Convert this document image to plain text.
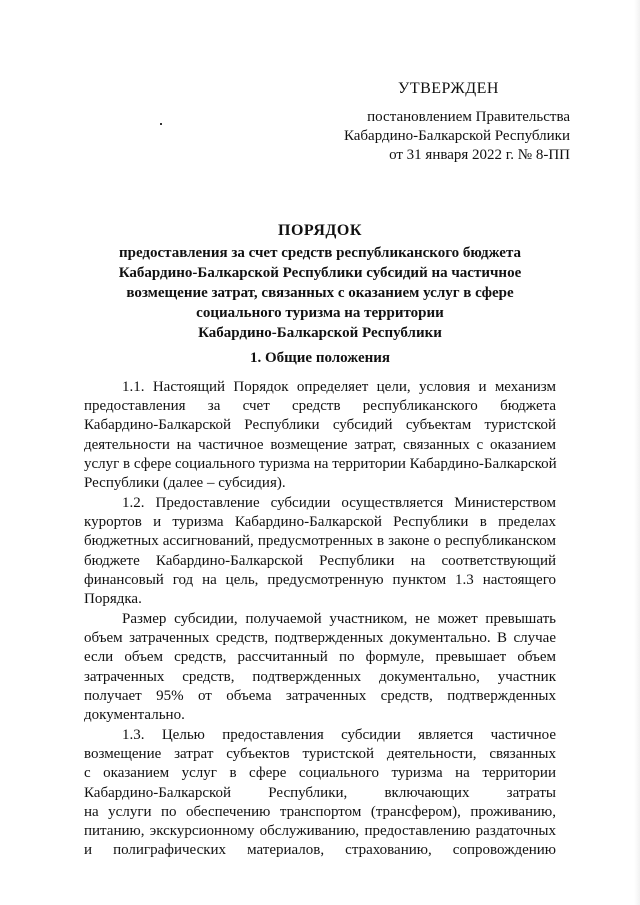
УТВЕРЖДЕН
постановлением Правительства
Кабардино-Балкарской Республики
от 31 января 2022 г. № 8-ПП
ПОРЯДОК
предоставления за счет средств республиканского бюджета
Кабардино-Балкарской Республики субсидий на частичное
возмещение затрат, связанных с оказанием услуг в сфере
социального туризма на территории
Кабардино-Балкарской Республики
1. Общие положения
1.1. Настоящий Порядок определяет цели, условия и механизм
предоставления за счет средств республиканского бюджета
Кабардино-Балкарской Республики субсидий субъектам туристской
деятельности на частичное возмещение затрат, связанных с оказанием
услуг в сфере социального туризма на территории Кабардино-Балкарской
Республики (далее – субсидия).
1.2. Предоставление субсидии осуществляется Министерством
курортов и туризма Кабардино-Балкарской Республики в пределах
бюджетных ассигнований, предусмотренных в законе о республиканском
бюджете Кабардино-Балкарской Республики на соответствующий
финансовый год на цель, предусмотренную пунктом 1.3 настоящего
Порядка.
Размер субсидии, получаемой участником, не может превышать
объем затраченных средств, подтвержденных документально. В случае
если объем средств, рассчитанный по формуле, превышает объем
затраченных средств, подтвержденных документально, участник
получает 95% от объема затраченных средств, подтвержденных
документально.
1.3. Целью предоставления субсидии является частичное
возмещение затрат субъектов туристской деятельности, связанных
с оказанием услуг в сфере социального туризма на территории
Кабардино-Балкарской Республики, включающих затраты
на услуги по обеспечению транспортом (трансфером), проживанию,
питанию, экскурсионному обслуживанию, предоставлению раздаточных
и полиграфических материалов, страхованию, сопровождению
